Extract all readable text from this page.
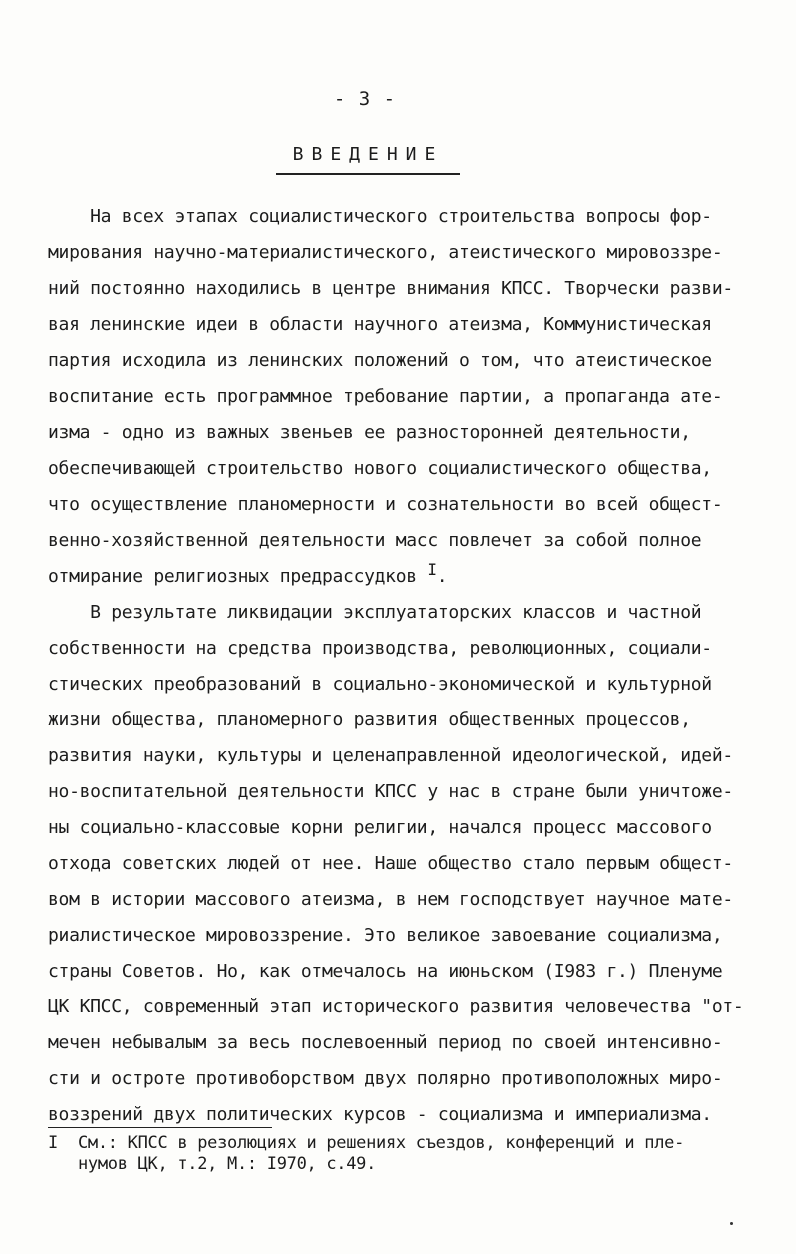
- 3 -
ВВЕДЕНИЕ
На всех этапах социалистического строительства вопросы фор-
мирования научно-материалистического, атеистического мировоззре-
ний постоянно находились в центре внимания КПСС. Творчески разви-
вая ленинские идеи в области научного атеизма, Коммунистическая
партия исходила из ленинских положений о том, что атеистическое
воспитание есть программное требование партии, а пропаганда ате-
изма - одно из важных звеньев ее разносторонней деятельности,
обеспечивающей строительство нового социалистического общества,
что осуществление планомерности и сознательности во всей общест-
венно-хозяйственной деятельности масс повлечет за собой полное
отмирание религиозных предрассудков I.
В результате ликвидации эксплуататорских классов и частной
собственности на средства производства, революционных, социали-
стических преобразований в социально-экономической и культурной
жизни общества, планомерного развития общественных процессов,
развития науки, культуры и целенаправленной идеологической, идей-
но-воспитательной деятельности КПСС у нас в стране были уничтоже-
ны социально-классовые корни религии, начался процесс массового
отхода советских людей от нее. Наше общество стало первым общест-
вом в истории массового атеизма, в нем господствует научное мате-
риалистическое мировоззрение. Это великое завоевание социализма,
страны Советов. Но, как отмечалось на июньском (I983 г.) Пленуме
ЦК КПСС, современный этап исторического развития человечества "от-
мечен небывалым за весь послевоенный период по своей интенсивно-
сти и остроте противоборством двух полярно противоположных миро-
воззрений двух политических курсов - социализма и империализма.
I См.: КПСС в резолюциях и решениях съездов, конференций и пле-
нумов ЦК, т.2, М.: I970, с.49.
